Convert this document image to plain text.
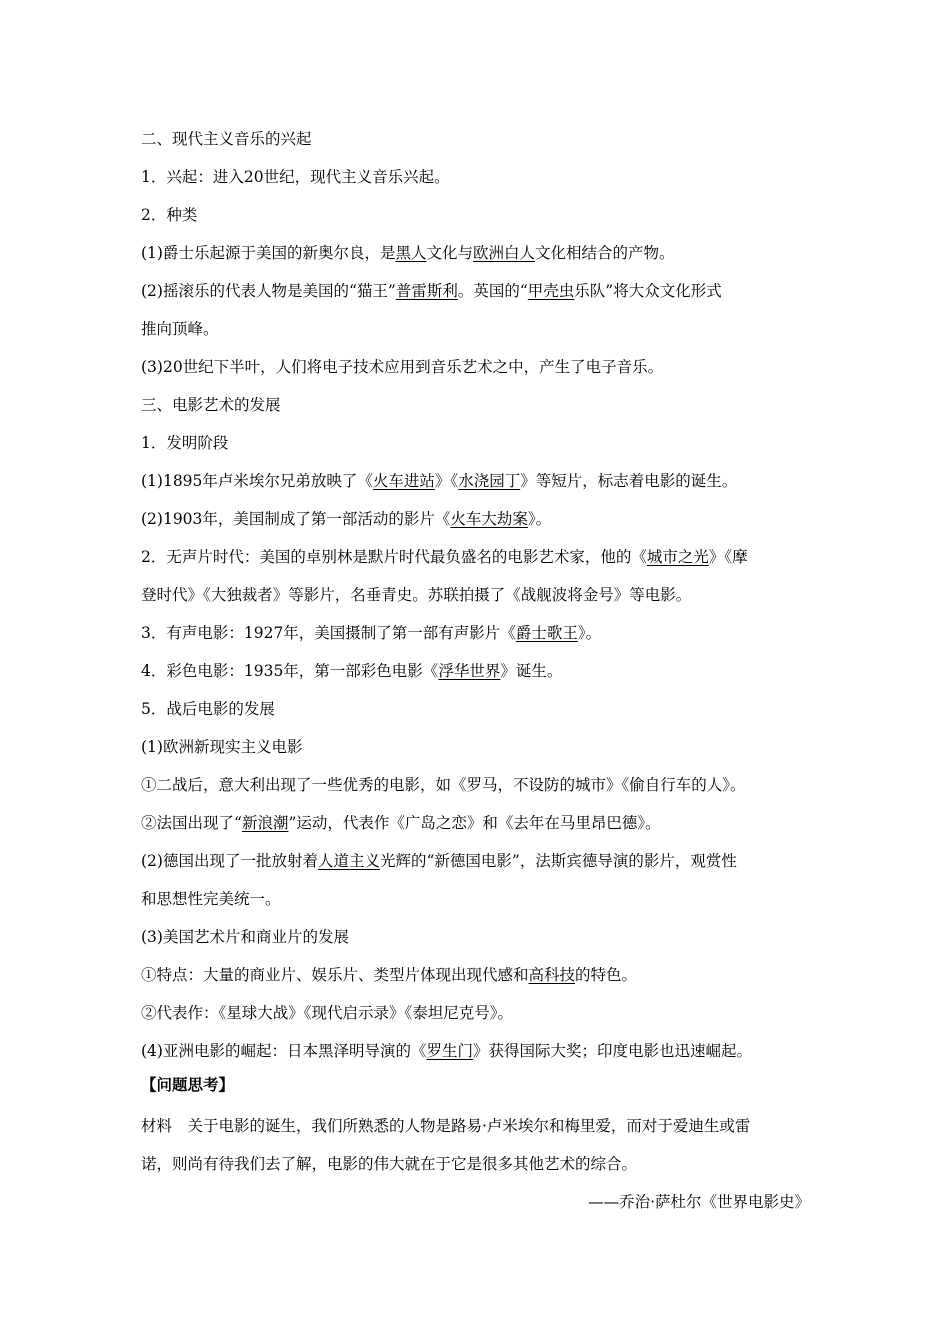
二、现代主义音乐的兴起
1．兴起：进入20世纪，现代主义音乐兴起。
2．种类
(1)爵士乐起源于美国的新奥尔良，是黑人文化与欧洲白人文化相结合的产物。
(2)摇滚乐的代表人物是美国的“猫王”普雷斯利。英国的“甲壳虫乐队”将大众文化形式
推向顶峰。
(3)20世纪下半叶，人们将电子技术应用到音乐艺术之中，产生了电子音乐。
三、电影艺术的发展
1．发明阶段
(1)1895年卢米埃尔兄弟放映了《火车进站》《水浇园丁》等短片，标志着电影的诞生。
(2)1903年，美国制成了第一部活动的影片《火车大劫案》。
2．无声片时代：美国的卓别林是默片时代最负盛名的电影艺术家，他的《城市之光》《摩
登时代》《大独裁者》等影片，名垂青史。苏联拍摄了《战舰波将金号》等电影。
3．有声电影：1927年，美国摄制了第一部有声影片《爵士歌王》。
4．彩色电影：1935年，第一部彩色电影《浮华世界》诞生。
5．战后电影的发展
(1)欧洲新现实主义电影
①二战后，意大利出现了一些优秀的电影，如《罗马，不设防的城市》《偷自行车的人》。
②法国出现了“新浪潮”运动，代表作《广岛之恋》和《去年在马里昂巴德》。
(2)德国出现了一批放射着人道主义光辉的“新德国电影”，法斯宾德导演的影片，观赏性
和思想性完美统一。
(3)美国艺术片和商业片的发展
①特点：大量的商业片、娱乐片、类型片体现出现代感和高科技的特色。
②代表作：《星球大战》《现代启示录》《泰坦尼克号》。
(4)亚洲电影的崛起：日本黑泽明导演的《罗生门》获得国际大奖；印度电影也迅速崛起。
【问题思考】
材料　关于电影的诞生，我们所熟悉的人物是路易·卢米埃尔和梅里爱，而对于爱迪生或雷
诺，则尚有待我们去了解，电影的伟大就在于它是很多其他艺术的综合。
——乔治·萨杜尔《世界电影史》
